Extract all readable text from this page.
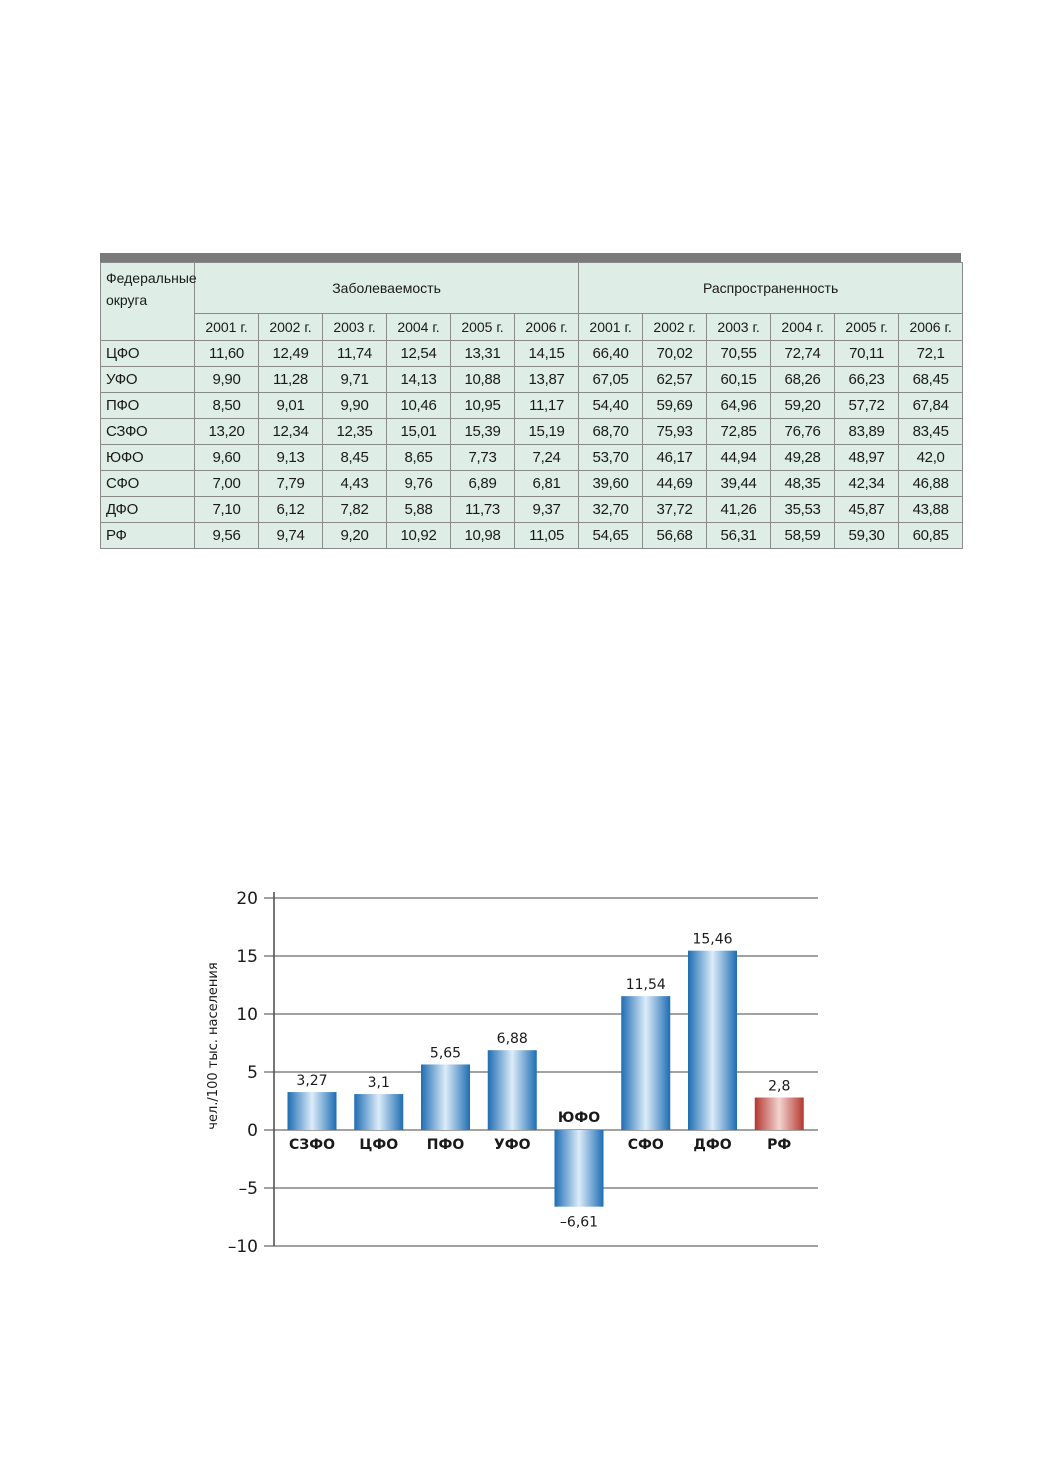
Федеральные округа	Заболеваемость						Распространенность					
	2001 г.	2002 г.	2003 г.	2004 г.	2005 г.	2006 г.	2001 г.	2002 г.	2003 г.	2004 г.	2005 г.	2006 г.
ЦФО	11,60	12,49	11,74	12,54	13,31	14,15	66,40	70,02	70,55	72,74	70,11	72,1
УФО	9,90	11,28	9,71	14,13	10,88	13,87	67,05	62,57	60,15	68,26	66,23	68,45
ПФО	8,50	9,01	9,90	10,46	10,95	11,17	54,40	59,69	64,96	59,20	57,72	67,84
СЗФО	13,20	12,34	12,35	15,01	15,39	15,19	68,70	75,93	72,85	76,76	83,89	83,45
ЮФО	9,60	9,13	8,45	8,65	7,73	7,24	53,70	46,17	44,94	49,28	48,97	42,0
СФО	7,00	7,79	4,43	9,76	6,89	6,81	39,60	44,69	39,44	48,35	42,34	46,88
ДФО	7,10	6,12	7,82	5,88	11,73	9,37	32,70	37,72	41,26	35,53	45,87	43,88
РФ	9,56	9,74	9,20	10,92	10,98	11,05	54,65	56,68	56,31	58,59	59,30	60,85
3,27
СЗФО
3,1
ЦФО
5,65
ПФО
6,88
УФО
–6,61
ЮФО
11,54
СФО
15,46
ДФО
2,8
РФ
20
15
10
5
0
–5
–10
чел./100 тыс. населения
